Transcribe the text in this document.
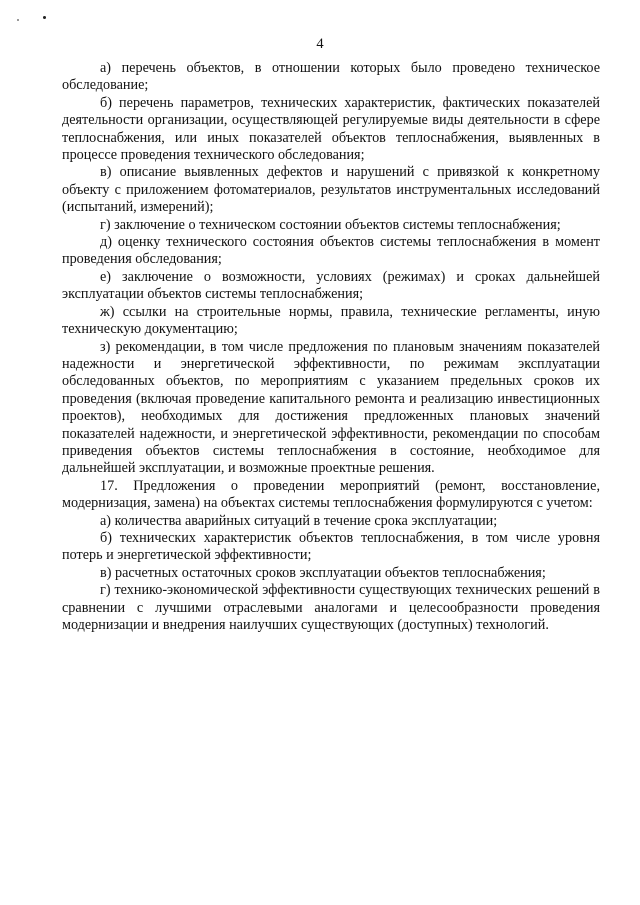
4

а) перечень объектов, в отношении которых было проведено техническое обследование;

б) перечень параметров, технических характеристик, фактических показателей деятельности организации, осуществляющей регулируемые виды деятельности в сфере теплоснабжения, или иных показателей объектов теплоснабжения, выявленных в процессе проведения технического обследования;

в) описание выявленных дефектов и нарушений с привязкой к конкретному объекту с приложением фотоматериалов, результатов инструментальных исследований (испытаний, измерений);

г) заключение о техническом состоянии объектов системы теплоснабжения;

д) оценку технического состояния объектов системы теплоснабжения в момент проведения обследования;

е) заключение о возможности, условиях (режимах) и сроках дальнейшей эксплуатации объектов системы теплоснабжения;

ж) ссылки на строительные нормы, правила, технические регламенты, иную техническую документацию;

з) рекомендации, в том числе предложения по плановым значениям показателей надежности и энергетической эффективности, по режимам эксплуатации обследованных объектов, по мероприятиям с указанием предельных сроков их проведения (включая проведение капитального ремонта и реализацию инвестиционных проектов), необходимых для достижения предложенных плановых значений показателей надежности, и энергетической эффективности, рекомендации по способам приведения объектов системы теплоснабжения в состояние, необходимое для дальнейшей эксплуатации, и возможные проектные решения.

17. Предложения о проведении мероприятий (ремонт, восстановление, модернизация, замена) на объектах системы теплоснабжения формулируются с учетом:

а) количества аварийных ситуаций в течение срока эксплуатации;

б) технических характеристик объектов теплоснабжения, в том числе уровня потерь и энергетической эффективности;

в) расчетных остаточных сроков эксплуатации объектов теплоснабжения;

г) технико-экономической эффективности существующих технических решений в сравнении с лучшими отраслевыми аналогами и целесообразности проведения модернизации и внедрения наилучших существующих (доступных) технологий.
